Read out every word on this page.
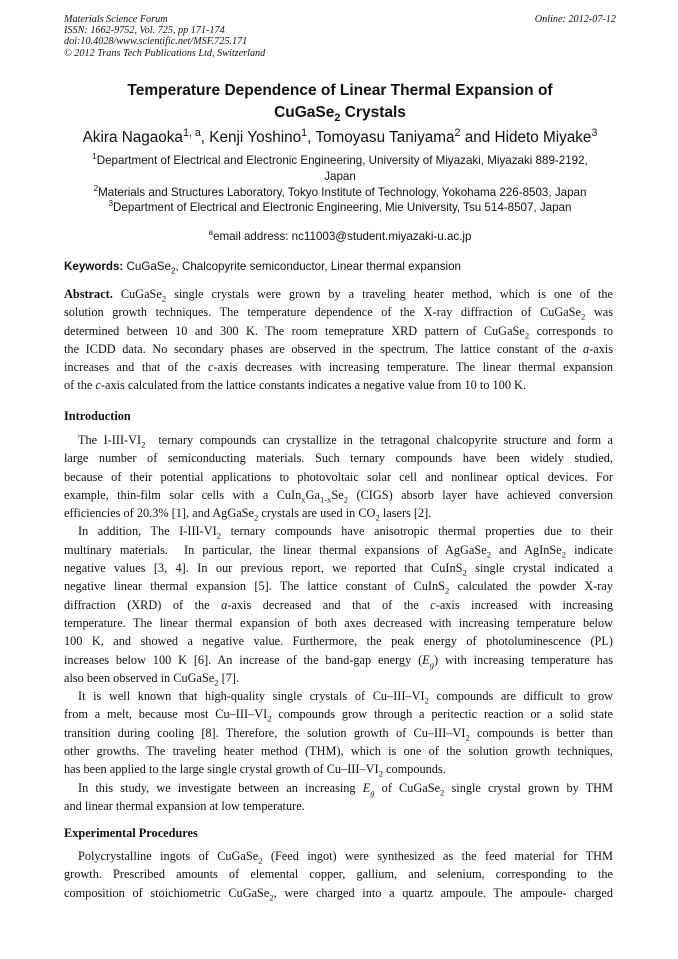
Materials Science Forum
ISSN: 1662-9752, Vol. 725, pp 171-174
doi:10.4028/www.scientific.net/MSF.725.171
© 2012 Trans Tech Publications Ltd, Switzerland
Online: 2012-07-12
Temperature Dependence of Linear Thermal Expansion of
CuGaSe$_2$ Crystals
Akira Nagaoka$^{1, a}$, Kenji Yoshino$^1$, Tomoyasu Taniyama$^2$ and Hideto Miyake$^3$
$^1$Department of Electrical and Electronic Engineering, University of Miyazaki, Miyazaki 889-2192,
Japan
$^2$Materials and Structures Laboratory, Tokyo Institute of Technology, Yokohama 226-8503, Japan
$^3$Department of Electrical and Electronic Engineering, Mie University, Tsu 514-8507, Japan
$^a$email address: nc11003@student.miyazaki-u.ac.jp
Keywords: CuGaSe$_2$, Chalcopyrite semiconductor, Linear thermal expansion
Abstract. CuGaSe$_2$ single crystals were grown by a traveling heater method, which is one of the
solution growth techniques. The temperature dependence of the X-ray diffraction of CuGaSe$_2$ was
determined between 10 and 300 K. The room temeprature XRD pattern of CuGaSe$_2$ corresponds to
the ICDD data. No secondary phases are observed in the spectrum. The lattice constant of the a-axis
increases and that of the c-axis decreases with increasing temperature. The linear thermal expansion
of the c-axis calculated from the lattice constants indicates a negative value from 10 to 100 K.
Introduction
The $I-III-VI_2$  ternary compounds can crystallize in the tetragonal chalcopyrite structure and form a
large number of semiconducting materials. Such ternary compounds have been widely studied,
because of their potential applications to photovoltaic solar cell and nonlinear optical devices. For
example, thin-film solar cells with a $CuIn_xGa_{1-x}Se_2$ (CIGS) absorb layer have achieved conversion
efficiencies of 20.3% [1], and AgGaSe$_2$ crystals are used in $CO_2$ lasers [2].
In addition, The $I-III-VI_2$ ternary compounds have anisotropic thermal properties due to their
multinary materials.  In particular, the linear thermal expansions of AgGaSe$_2$ and AgInSe$_2$ indicate
negative values [3, 4]. In our previous report, we reported that CuInS$_2$ single crystal indicated a
negative linear thermal expansion [5]. The lattice constant of CuInS$_2$ calculated the powder X-ray
diffraction (XRD) of the a-axis decreased and that of the c-axis increased with increasing
temperature. The linear thermal expansion of both axes decreased with increasing temperature below
100 K, and showed a negative value. Furthermore, the peak energy of photoluminescence (PL)
increases below 100 K [6]. An increase of the band-gap energy $(E_g)$ with increasing temperature has
also been observed in CuGaSe$_2$ [7].
It is well known that high-quality single crystals of $Cu-III-VI_2$ compounds are difficult to grow
from a melt, because most $Cu-III-VI_2$ compounds grow through a peritectic reaction or a solid state
transition during cooling [8]. Therefore, the solution growth of $Cu-III-VI_2$ compounds is better than
other growths. The traveling heater method (THM), which is one of the solution growth techniques,
has been applied to the large single crystal growth of $Cu-III-VI_2$ compounds.
In this study, we investigate between an increasing $E_g$ of CuGaSe$_2$ single crystal grown by THM
and linear thermal expansion at low temperature.
Experimental Procedures
Polycrystalline ingots of CuGaSe$_2$ (Feed ingot) were synthesized as the feed material for THM
growth. Prescribed amounts of elemental copper, gallium, and selenium, corresponding to the
composition of stoichiometric CuGaSe$_2$, were charged into a quartz ampoule. The ampoule- charged
